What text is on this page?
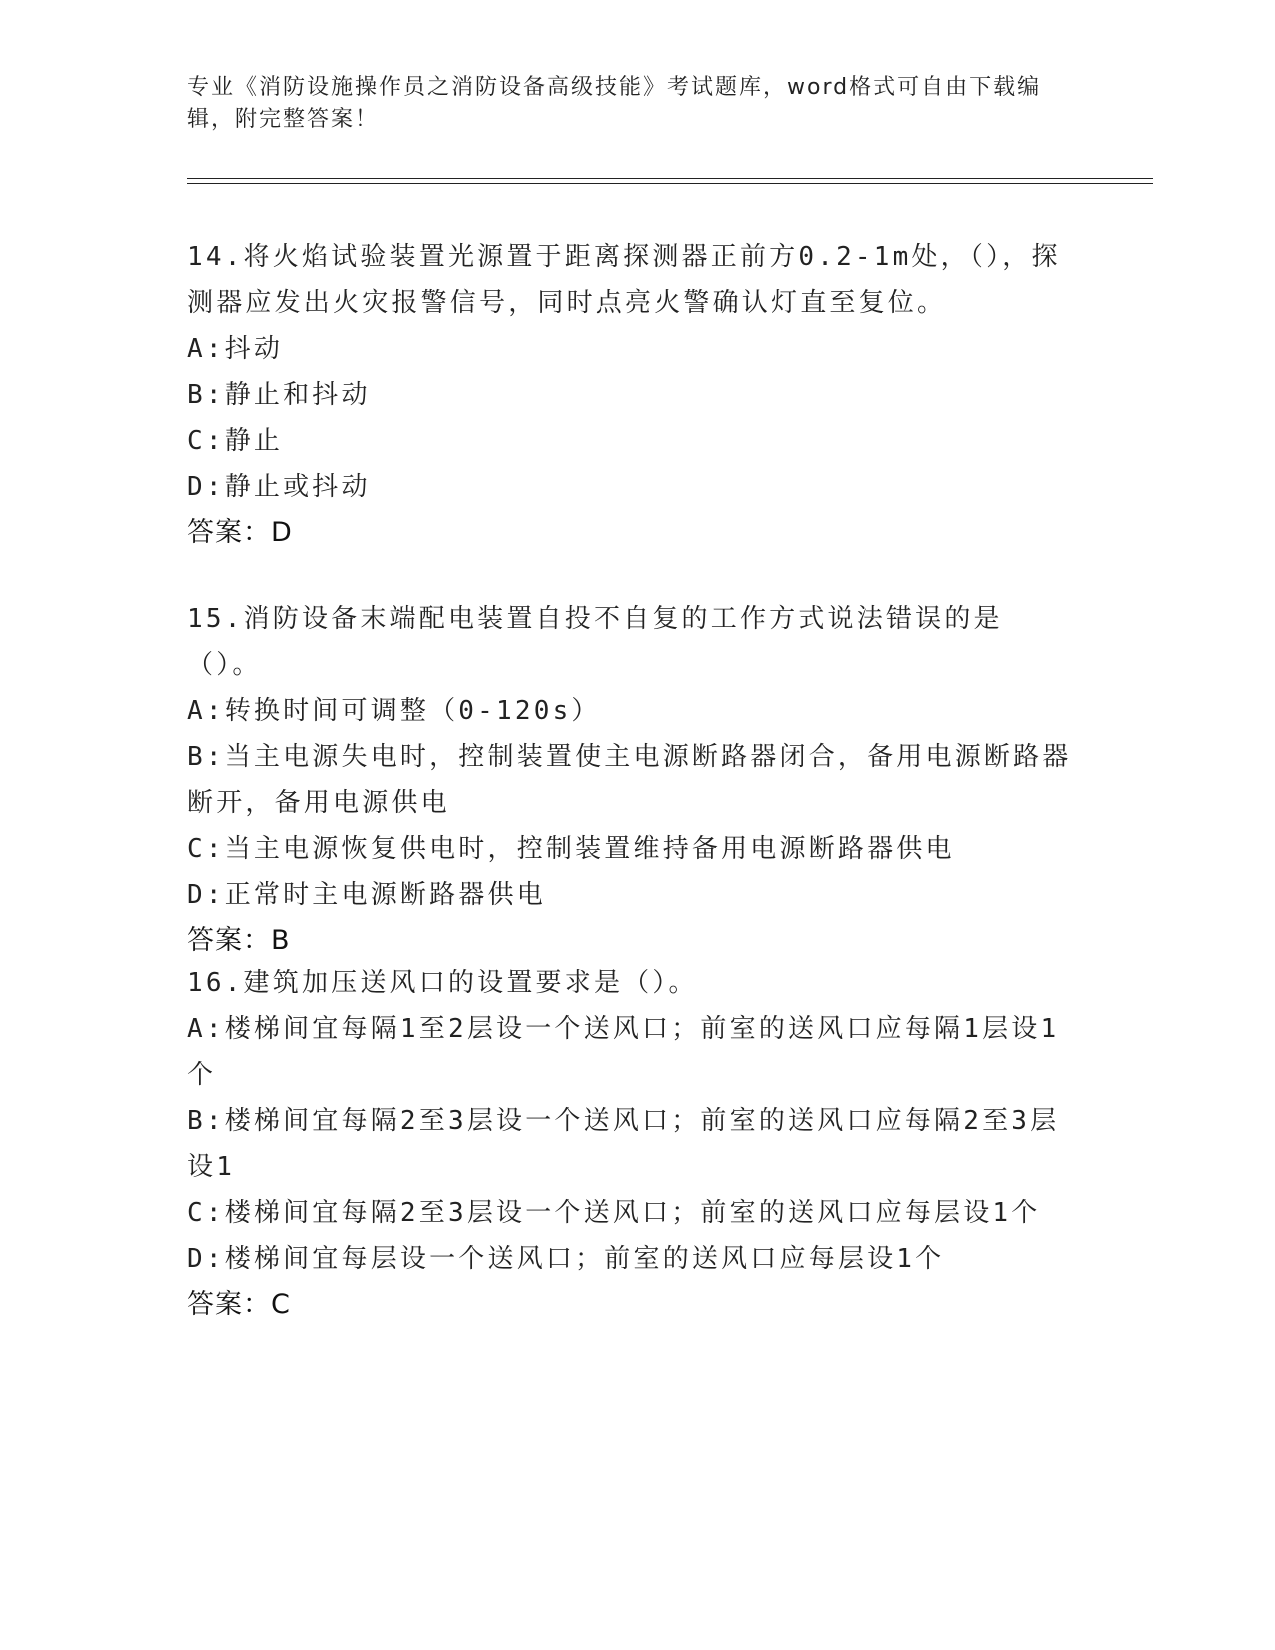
专业《消防设施操作员之消防设备高级技能》考试题库，word格式可自由下载编辑，附完整答案！

14.将火焰试验装置光源置于距离探测器正前方0.2-1m处，（），探测器应发出火灾报警信号，同时点亮火警确认灯直至复位。

A:抖动

B:静止和抖动

C:静止

D:静止或抖动

答案：D

15.消防设备末端配电装置自投不自复的工作方式说法错误的是（）。

A:转换时间可调整（0-120s）

B:当主电源失电时，控制装置使主电源断路器闭合，备用电源断路器断开，备用电源供电

C:当主电源恢复供电时，控制装置维持备用电源断路器供电

D:正常时主电源断路器供电

答案：B

16.建筑加压送风口的设置要求是（）。

A:楼梯间宜每隔1至2层设一个送风口；前室的送风口应每隔1层设1个

B:楼梯间宜每隔2至3层设一个送风口；前室的送风口应每隔2至3层设1

C:楼梯间宜每隔2至3层设一个送风口；前室的送风口应每层设1个

D:楼梯间宜每层设一个送风口；前室的送风口应每层设1个

答案：C
